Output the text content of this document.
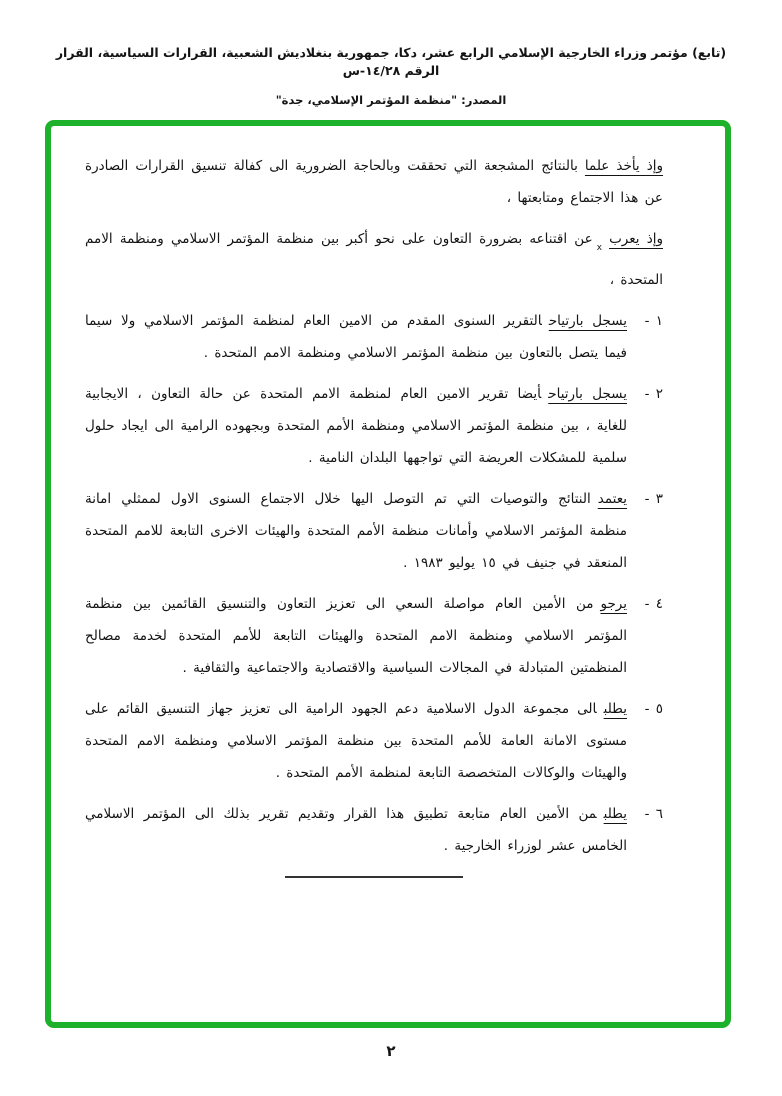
(تابع) مؤتمر وزراء الخارجية الإسلامي الرابع عشر، دكا، جمهورية بنغلاديش الشعبية، القرارات السياسية، القرار الرقم ١٤/٢٨-س
المصدر: "منظمة المؤتمر الإسلامي، جدة"

وإذ يأخذ علمابالنتائج المشجعة التي تحققت وبالحاجة الضرورية الى كفالة تنسيق القرارات الصادرة عن هذا الاجتماع ومتابعتها ،

وإذ يعرب$_x$عن اقتناعه بضرورة التعاون على نحو أكبر بين منظمة المؤتمر الاسلامي ومنظمة الامم المتحدة ،

١ -

يسجل بارتياحالتقرير السنوى المقدم من الامين العام لمنظمة المؤتمر الاسلامي ولا سيما فيما يتصل بالتعاون بين منظمة المؤتمر الاسلامي ومنظمة الامم المتحدة .

٢ -

يسجل بارتياحأيضا تقرير الامين العام لمنظمة الامم المتحدة عن حالة التعاون ، الايجابية للغاية ، بين منظمة المؤتمر الاسلامي ومنظمة الأمم المتحدة وبجهوده الرامية الى ايجاد حلول سلمية للمشكلات العريضة التي تواجهها البلدان النامية .

٣ -

يعتمدالنتائج والتوصيات التي تم التوصل اليها خلال الاجتماع السنوى الاول لممثلي امانة منظمة المؤتمر الاسلامي وأمانات منظمة الأمم المتحدة والهيئات الاخرى التابعة للامم المتحدة المنعقد في جنيف في ١٥ يوليو ١٩٨٣ .

٤ -

يرجومن الأمين العام مواصلة السعي الى تعزيز التعاون والتنسيق القائمين بين منظمة المؤتمر الاسلامي ومنظمة الامم المتحدة والهيئات التابعة للأمم المتحدة لخدمة مصالح المنظمتين المتبادلة في المجالات السياسية والاقتصادية والاجتماعية والثقافية .

٥ -

يطلبالى مجموعة الدول الاسلامية دعم الجهود الرامية الى تعزيز جهاز التنسيق القائم على مستوى الامانة العامة للأمم المتحدة بين منظمة المؤتمر الاسلامي ومنظمة الامم المتحدة والهيئات والوكالات المتخصصة التابعة لمنظمة الأمم المتحدة .

٦ -

يطلبمن الأمين العام متابعة تطبيق هذا القرار وتقديم تقرير بذلك الى المؤتمر الاسلامي الخامس عشر لوزراء الخارجية .

٢
